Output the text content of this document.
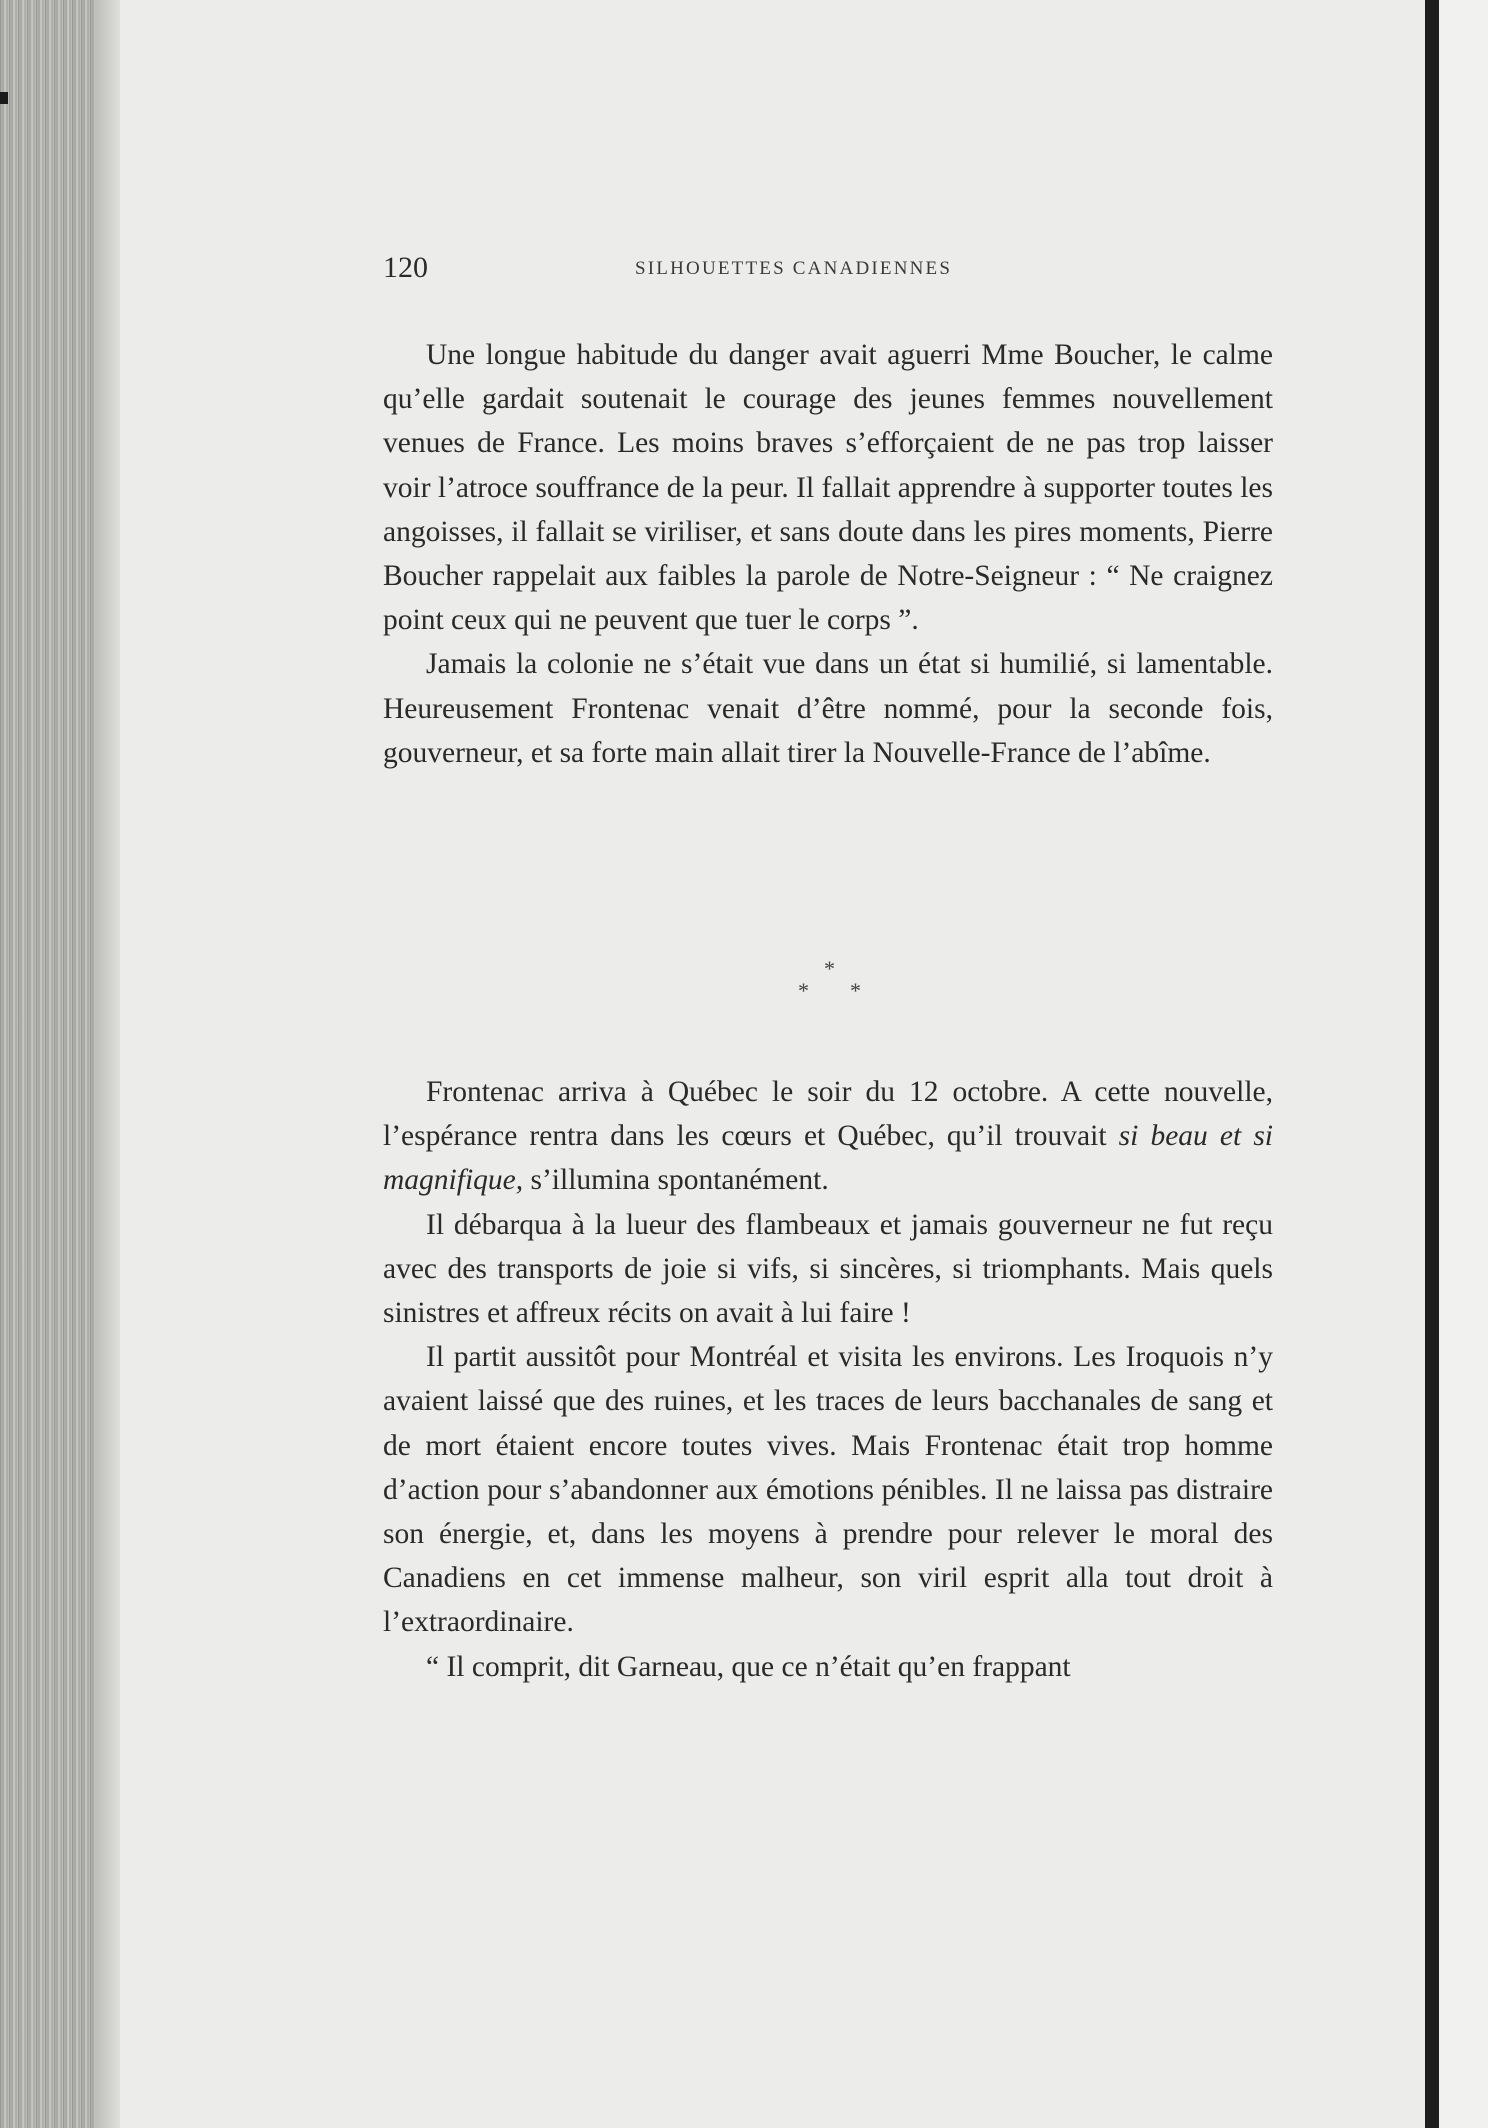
120	SILHOUETTES CANADIENNES

Une longue habitude du danger avait aguerri Mme Boucher, le calme qu’elle gardait soutenait le courage des jeunes femmes nouvellement venues de France. Les moins braves s’efforçaient de ne pas trop laisser voir l’atroce souffrance de la peur. Il fallait apprendre à supporter toutes les angoisses, il fallait se viriliser, et sans doute dans les pires moments, Pierre Boucher rappelait aux faibles la parole de Notre-Seigneur : “ Ne craignez point ceux qui ne peuvent que tuer le corps ”.

Jamais la colonie ne s’était vue dans un état si humilié, si lamentable. Heureusement Frontenac venait d’être nommé, pour la seconde fois, gouverneur, et sa forte main allait tirer la Nouvelle-France de l’abîme.

*
* *

Frontenac arriva à Québec le soir du 12 octobre. A cette nouvelle, l’espérance rentra dans les cœurs et Québec, qu’il trouvait si beau et si magnifique, s’illumina spontanément.

Il débarqua à la lueur des flambeaux et jamais gouverneur ne fut reçu avec des transports de joie si vifs, si sincères, si triomphants. Mais quels sinistres et affreux récits on avait à lui faire !

Il partit aussitôt pour Montréal et visita les environs. Les Iroquois n’y avaient laissé que des ruines, et les traces de leurs bacchanales de sang et de mort étaient encore toutes vives. Mais Frontenac était trop homme d’action pour s’abandonner aux émotions pénibles. Il ne laissa pas distraire son énergie, et, dans les moyens à prendre pour relever le moral des Canadiens en cet immense malheur, son viril esprit alla tout droit à l’extraordinaire.

“ Il comprit, dit Garneau, que ce n’était qu’en frappant
